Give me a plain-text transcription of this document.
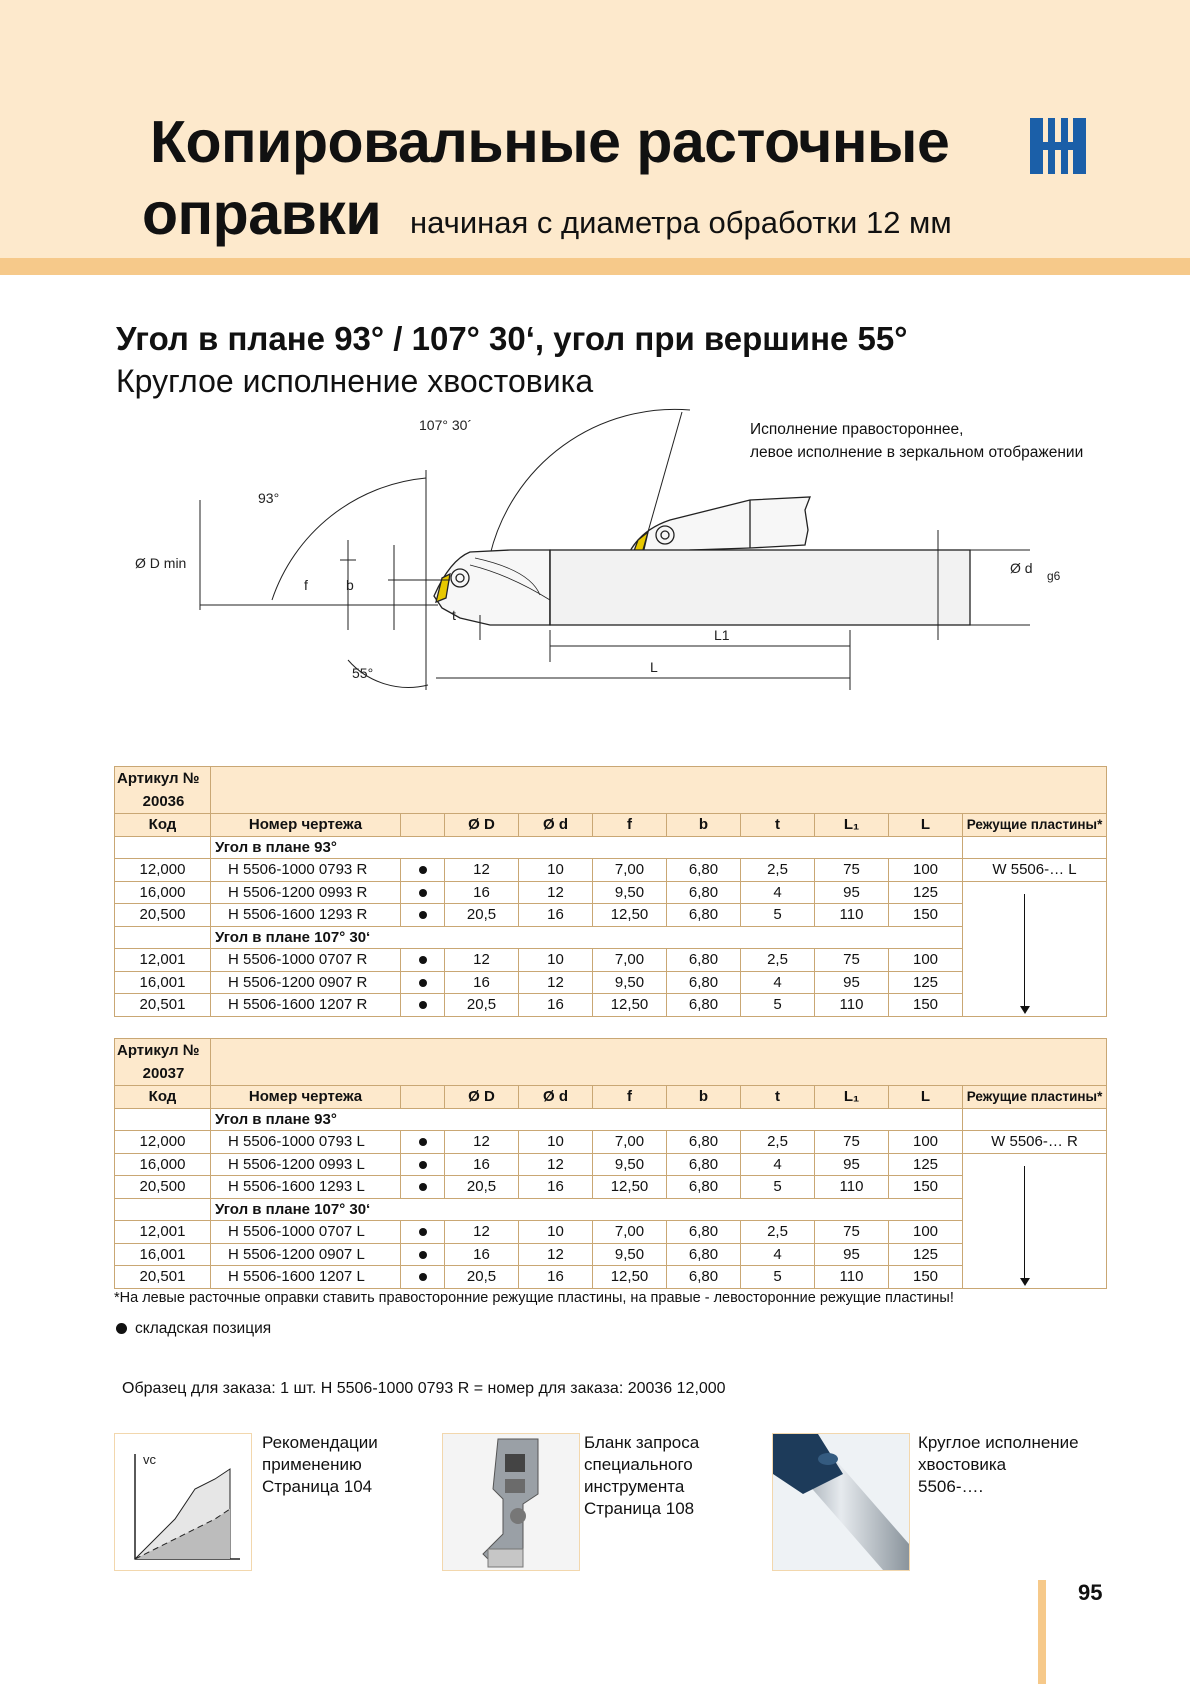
Копировальные расточные
оправки начиная с диаметра обработки 12 мм
Угол в плане 93° / 107° 30‘, угол при вершине 55°
Круглое исполнение хвостовика
107° 30´
93°
Ø D min
f	b
t
55°
Ø d g6
L1
L
Исполнение правостороннее,
левое исполнение в зеркальном отображении
Артикул №
20036										

Код	Номер чертежа		Ø D	Ø d	f	b	t	L₁	L	Режущие пластины*
	Угол в плане 93°									
12,000	H 5506-1000 0793 R		12	10	7,00	6,80	2,5	75	100	W 5506-… L
16,000	H 5506-1200 0993 R		16	12	9,50	6,80	4	95	125	
20,500	H 5506-1600 1293 R		20,5	16	12,50	6,80	5	110	150	
	Угол в плане 107° 30‘									
12,001	H 5506-1000 0707 R		12	10	7,00	6,80	2,5	75	100	
16,001	H 5506-1200 0907 R		16	12	9,50	6,80	4	95	125	
20,501	H 5506-1600 1207 R		20,5	16	12,50	6,80	5	110	150	
Артикул №
20037										

Код	Номер чертежа		Ø D	Ø d	f	b	t	L₁	L	Режущие пластины*
	Угол в плане 93°									
12,000	H 5506-1000 0793 L		12	10	7,00	6,80	2,5	75	100	W 5506-… R
16,000	H 5506-1200 0993 L		16	12	9,50	6,80	4	95	125	
20,500	H 5506-1600 1293 L		20,5	16	12,50	6,80	5	110	150	
	Угол в плане 107° 30‘									
12,001	H 5506-1000 0707 L		12	10	7,00	6,80	2,5	75	100	
16,001	H 5506-1200 0907 L		16	12	9,50	6,80	4	95	125	
20,501	H 5506-1600 1207 L		20,5	16	12,50	6,80	5	110	150	
*На левые расточные оправки ставить правосторонние режущие пластины, на правые - левосторонние режущие пластины!
складская позиция
Образец для заказа: 1 шт. H 5506-1000 0793 R = номер для заказа: 20036 12,000
vc
Рекомендации
применению
Страница 104
Бланк запроса
специального
инструмента
Страница 108
Круглое исполнение
хвостовика
5506-….
95
